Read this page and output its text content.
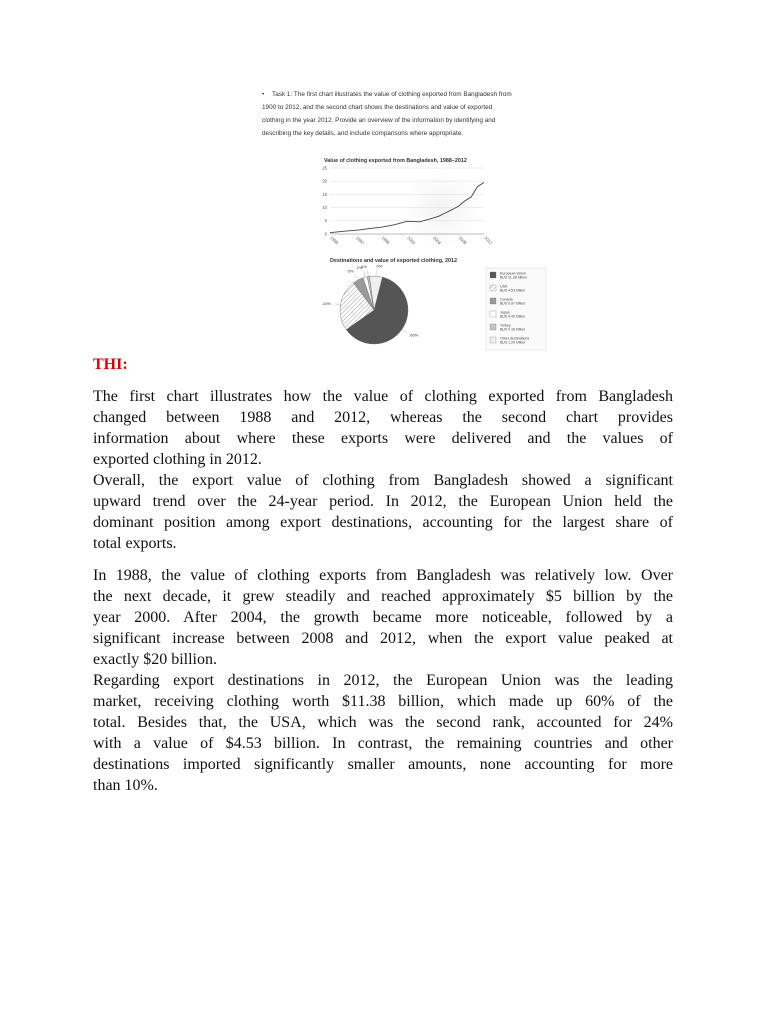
•	Task 1: The first chart illustrates the value of clothing exported from Bangladesh from
1900 to 2012, and the second chart shows the destinations and value of exported
clothing in the year 2012. Provide an overview of the information by identifying and
describing the key details, and include comparisons where appropriate.
Value of clothing exported from Bangladesh, 1988–2012
0
5
10
15
20
25
1988	1992	1996	2000	2004	2008	2012
Destinations and value of exported clothing, 2012
60%
24%
5%
2%
1% 6%
European Union
$US 11.38 billion
USA
$US 4.53 billion
Canada
$US 0.97 billion
Japan
$US 0.40 billion
Turkey
$US 0.16 billion
Other destinations
$US 1.20 billion
THI:

The first chart illustrates how the value of clothing exported from Bangladesh
changed between 1988 and 2012, whereas the second chart provides
information about where these exports were delivered and the values of
exported clothing in 2012.
Overall, the export value of clothing from Bangladesh showed a significant
upward trend over the 24-year period. In 2012, the European Union held the
dominant position among export destinations, accounting for the largest share of
total exports.

In 1988, the value of clothing exports from Bangladesh was relatively low. Over
the next decade, it grew steadily and reached approximately $5 billion by the
year 2000. After 2004, the growth became more noticeable, followed by a
significant increase between 2008 and 2012, when the export value peaked at
exactly $20 billion.
Regarding export destinations in 2012, the European Union was the leading
market, receiving clothing worth $11.38 billion, which made up 60% of the
total. Besides that, the USA, which was the second rank, accounted for 24%
with a value of $4.53 billion. In contrast, the remaining countries and other
destinations imported significantly smaller amounts, none accounting for more
than 10%.
